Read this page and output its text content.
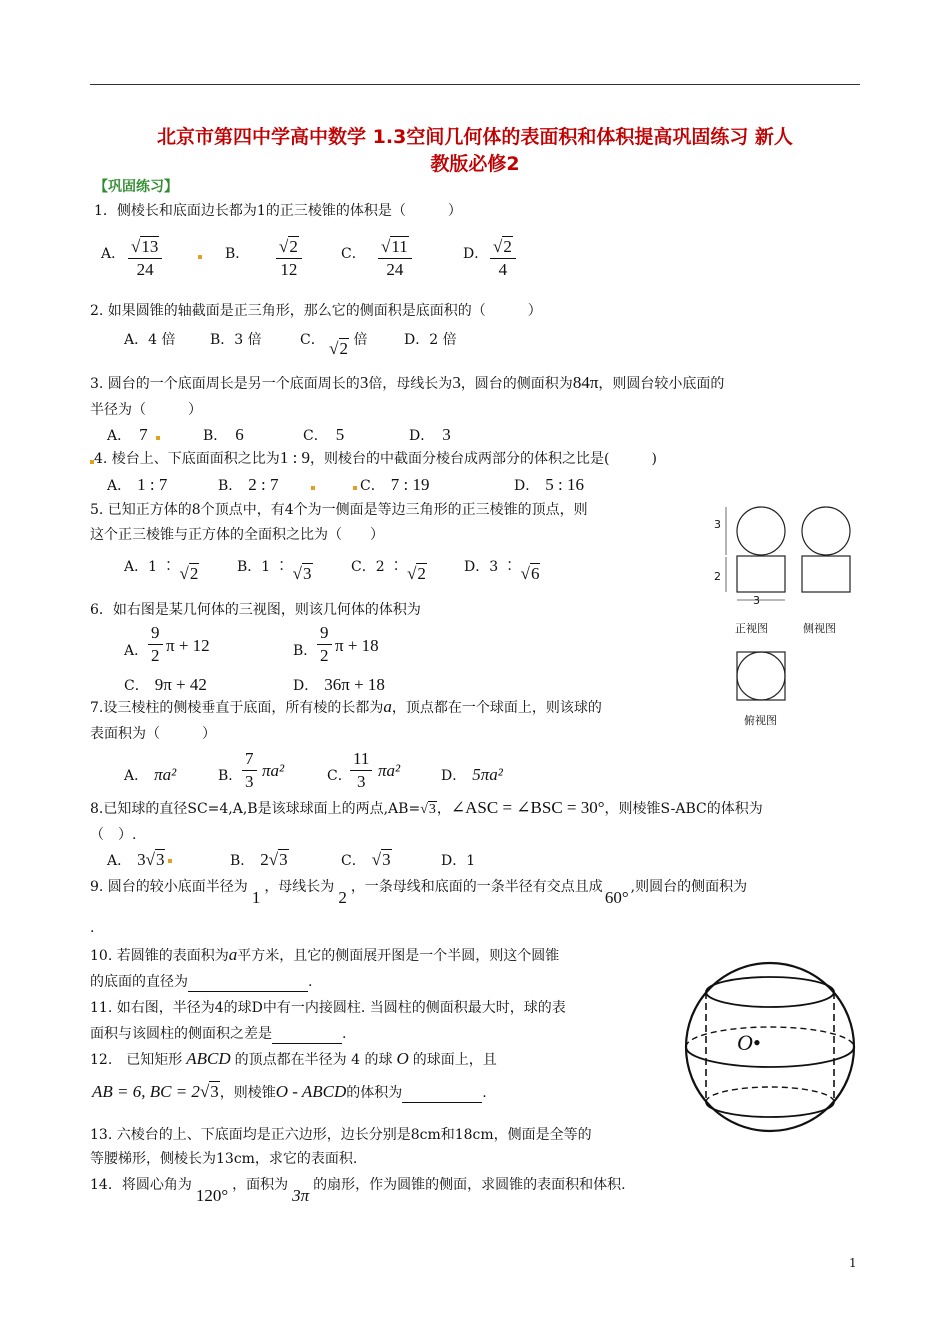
北京市第四中学高中数学 1.3空间几何体的表面积和体积提高巩固练习 新人
教版必修2
【巩固练习】
1．侧棱长和底面边长都为1的正三棱锥的体积是（　　　）
A． $\frac{√13}{24}$	B． $\frac{√2}{12}$	C． $\frac{√11}{24}$	D． $\frac{√2}{4}$
2. 如果圆锥的轴截面是正三角形，那么它的侧面积是底面积的（　　　）
A．4 倍 B．3 倍	C． √2 倍	D．2 倍
3. 圆台的一个底面周长是另一个底面周长的3倍，母线长为3，圆台的侧面积为84π，则圆台较小底面的
半径为（　　　）
A． 7	B． 6	C． 5	D． 3
4. 棱台上、下底面面积之比为1 : 9，则棱台的中截面分棱台成两部分的体积之比是(　　　)
A． 1 : 7	B． 2 : 7	C． 7 : 19	D． 5 : 16
5. 已知正方体的8个顶点中，有4个为一侧面是等边三角形的正三棱锥的顶点，则
这个正三棱锥与正方体的全面积之比为（　　）
A．1 ∶ √2	B．1 ∶ √3	C．2 ∶ √2	D．3 ∶ √6
6．如右图是某几何体的三视图，则该几何体的体积为
A． $\frac{9}{2}$ π + 12	B． $\frac{9}{2}$ π + 18
C． 9π + 42	D． 36π + 18
7.设三棱柱的侧棱垂直于底面，所有棱的长都为a，顶点都在一个球面上，则该球的
表面积为（　　　）
A． πa²	B． $\frac{7}{3} \pi a^2$	C．
$\frac{11}{3} \pi a^2$	D． 5πa²
8.已知球的直径SC=4,A,B是该球球面上的两点,AB=√3，∠ASC = ∠BSC = 30°，则棱锥S-ABC的体积为
（　）.
A． 3√3	B． 2√3	C． √3	D．1
9. 圆台的较小底面半径为1，母线长为2，一条母线和底面的一条半径有交点且成60°,则圆台的侧面积为
.
10. 若圆锥的表面积为a平方米，且它的侧面展开图是一个半圆，则这个圆锥
的底面的直径为	.
11. 如右图，半径为4的球D中有一内接圆柱. 当圆柱的侧面积最大时，球的表
面积与该圆柱的侧面积之差是	.
12.　已知矩形 ABCD 的顶点都在半径为 4 的球 O 的球面上，且
AB = 6, BC = 2√3，则棱锥O - ABCD的体积为	.
13. 六棱台的上、下底面均是正六边形，边长分别是8cm和18cm，侧面是全等的
等腰梯形，侧棱长为13cm，求它的表面积.
14．将圆心角为120°，面积为3π的扇形，作为圆锥的侧面，求圆锥的表面积和体积.
3
2
3
正视图	侧视图
俯视图
O•
1
